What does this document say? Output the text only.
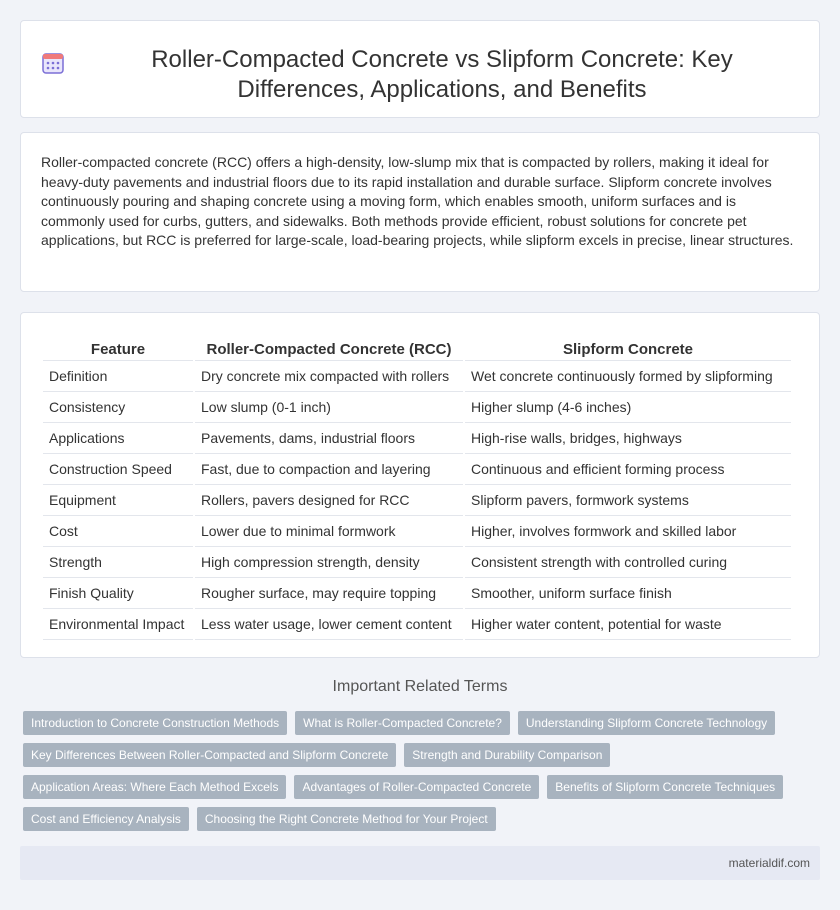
Roller-Compacted Concrete vs Slipform Concrete: Key Differences, Applications, and Benefits

Roller-compacted concrete (RCC) offers a high-density, low-slump mix that is compacted by rollers, making it ideal for heavy-duty pavements and industrial floors due to its rapid installation and durable surface. Slipform concrete involves continuously pouring and shaping concrete using a moving form, which enables smooth, uniform surfaces and is commonly used for curbs, gutters, and sidewalks. Both methods provide efficient, robust solutions for concrete pet applications, but RCC is preferred for large-scale, load-bearing projects, while slipform excels in precise, linear structures.

Feature	Roller-Compacted Concrete (RCC)	Slipform Concrete
Definition	Dry concrete mix compacted with rollers	Wet concrete continuously formed by slipforming
Consistency	Low slump (0-1 inch)	Higher slump (4-6 inches)
Applications	Pavements, dams, industrial floors	High-rise walls, bridges, highways
Construction Speed	Fast, due to compaction and layering	Continuous and efficient forming process
Equipment	Rollers, pavers designed for RCC	Slipform pavers, formwork systems
Cost	Lower due to minimal formwork	Higher, involves formwork and skilled labor
Strength	High compression strength, density	Consistent strength with controlled curing
Finish Quality	Rougher surface, may require topping	Smoother, uniform surface finish
Environmental Impact	Less water usage, lower cement content	Higher water content, potential for waste
Important Related Terms
Introduction to Concrete Construction Methods	What is Roller-Compacted Concrete?	Understanding Slipform Concrete Technology
Key Differences Between Roller-Compacted and Slipform Concrete	Strength and Durability Comparison
Application Areas: Where Each Method Excels	Advantages of Roller-Compacted Concrete	Benefits of Slipform Concrete Techniques
Cost and Efficiency Analysis	Choosing the Right Concrete Method for Your Project
materialdif.com
